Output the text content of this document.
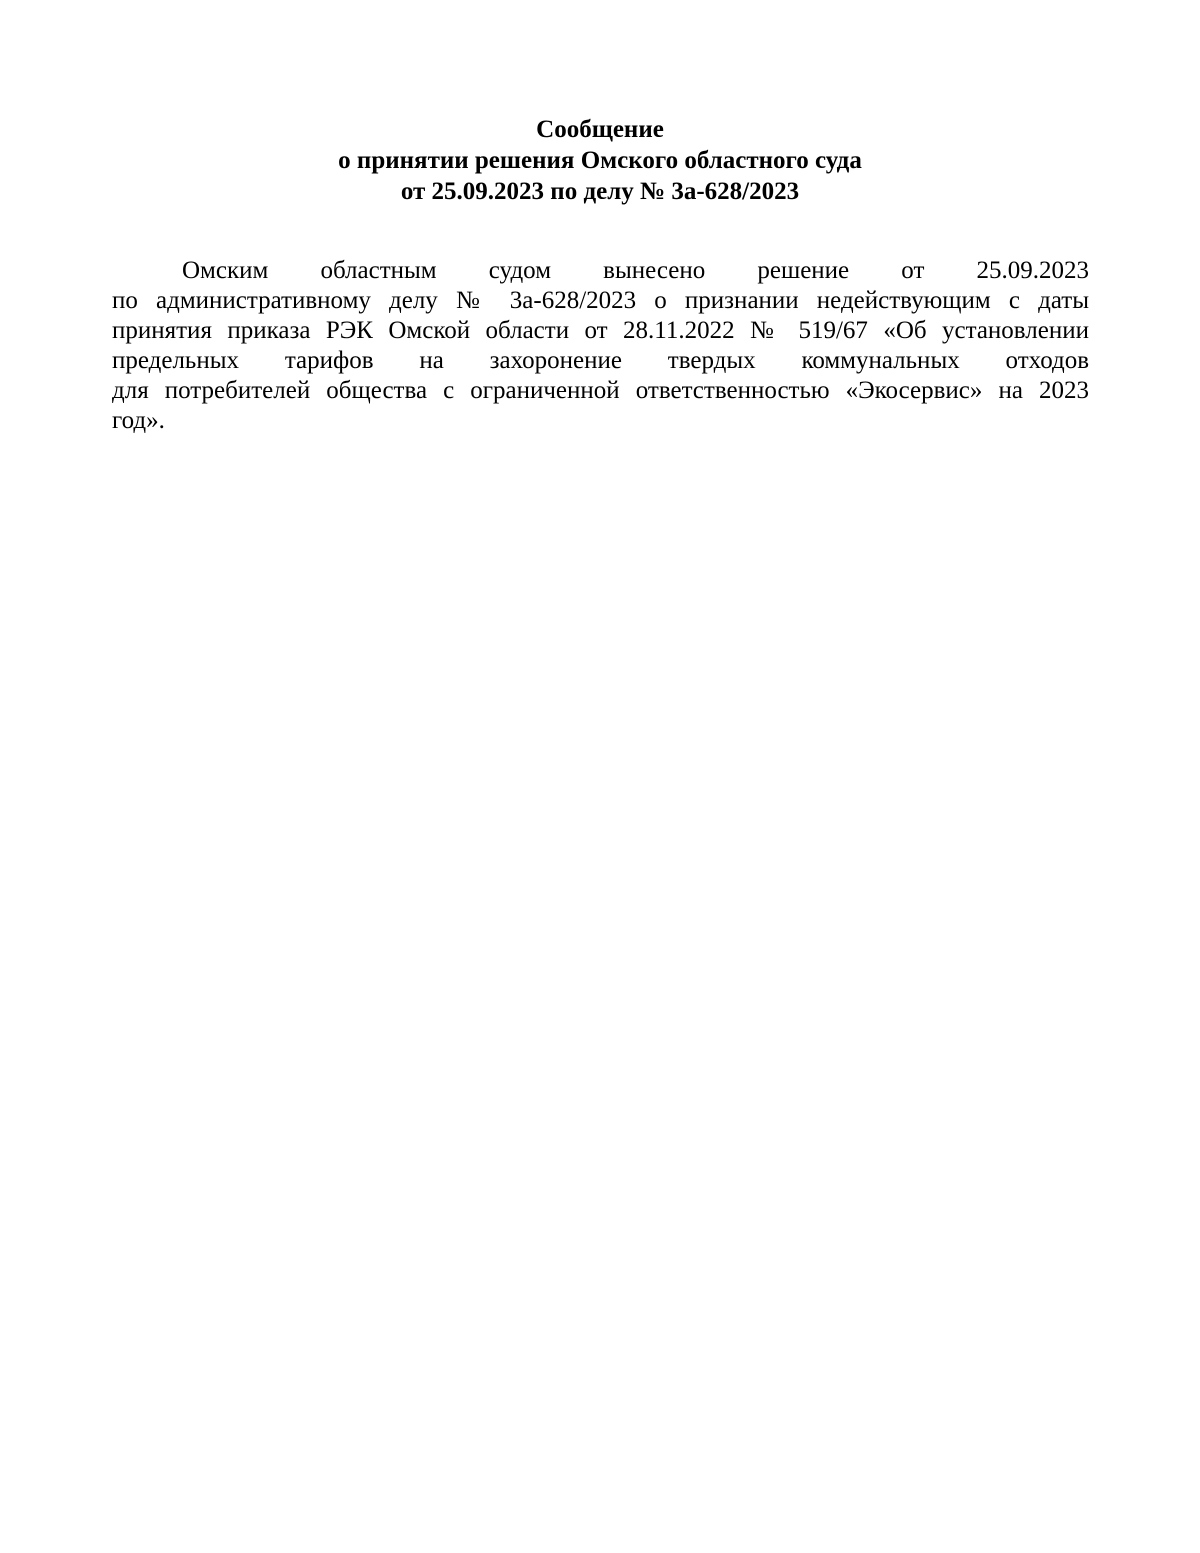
Сообщение
о принятии решения Омского областного суда
от 25.09.2023 по делу № 3а-628/2023
Омским областным судом вынесено решение от 25.09.2023
по административному делу № 3а-628/2023 о признании недействующим с даты
принятия приказа РЭК Омской области от 28.11.2022 № 519/67 «Об установлении
предельных тарифов на захоронение твердых коммунальных отходов
для потребителей общества с ограниченной ответственностью «Экосервис» на 2023
год».
